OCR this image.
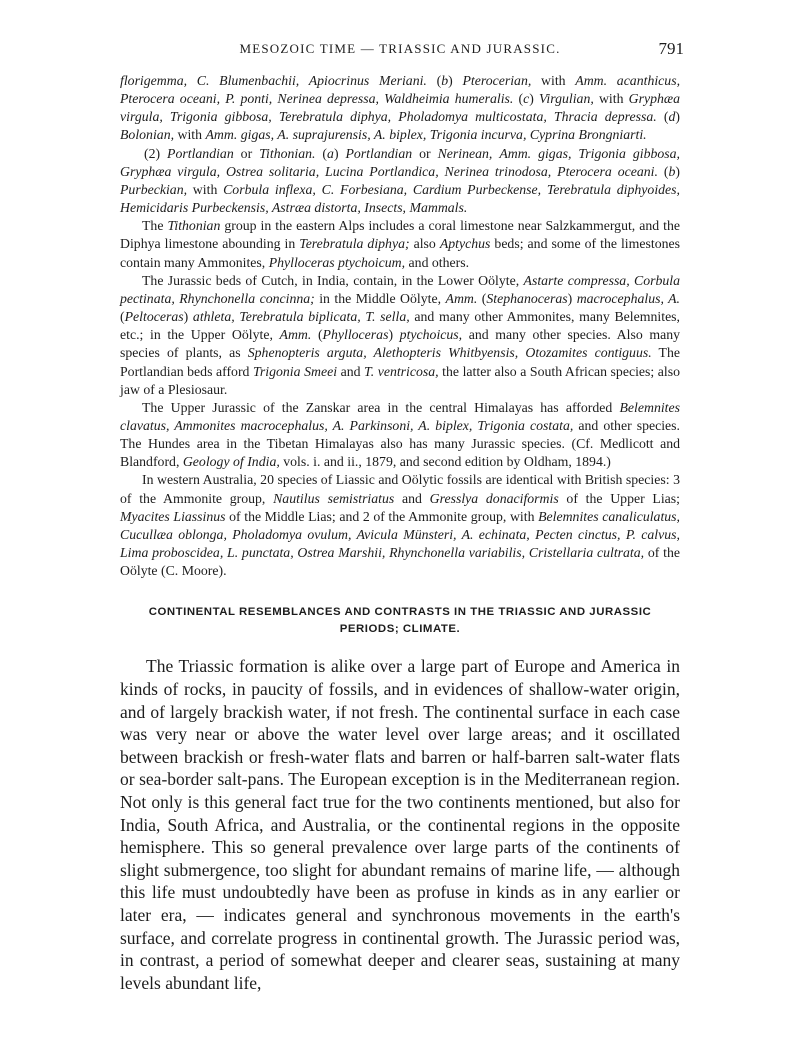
MESOZOIC TIME — TRIASSIC AND JURASSIC.	791

florigemma, C. Blumenbachii, Apiocrinus Meriani. (b) Pterocerian, with Amm. acanthicus, Pterocera oceani, P. ponti, Nerinea depressa, Waldheimia humeralis. (c) Virgulian, with Gryphæa virgula, Trigonia gibbosa, Terebratula diphya, Pholadomya multicostata, Thracia depressa. (d) Bolonian, with Amm. gigas, A. suprajurensis, A. biplex, Trigonia incurva, Cyprina Brongniarti.

(2) Portlandian or Tithonian. (a) Portlandian or Nerinean, Amm. gigas, Trigonia gibbosa, Gryphæa virgula, Ostrea solitaria, Lucina Portlandica, Nerinea trinodosa, Pterocera oceani. (b) Purbeckian, with Corbula inflexa, C. Forbesiana, Cardium Purbeckense, Terebratula diphyoides, Hemicidaris Purbeckensis, Astræa distorta, Insects, Mammals.

The Tithonian group in the eastern Alps includes a coral limestone near Salzkammergut, and the Diphya limestone abounding in Terebratula diphya; also Aptychus beds; and some of the limestones contain many Ammonites, Phylloceras ptychoicum, and others.

The Jurassic beds of Cutch, in India, contain, in the Lower Oölyte, Astarte compressa, Corbula pectinata, Rhynchonella concinna; in the Middle Oölyte, Amm. (Stephanoceras) macrocephalus, A. (Peltoceras) athleta, Terebratula biplicata, T. sella, and many other Ammonites, many Belemnites, etc.; in the Upper Oölyte, Amm. (Phylloceras) ptychoicus, and many other species. Also many species of plants, as Sphenopteris arguta, Alethopteris Whitbyensis, Otozamites contiguus. The Portlandian beds afford Trigonia Smeei and T. ventricosa, the latter also a South African species; also jaw of a Plesiosaur.

The Upper Jurassic of the Zanskar area in the central Himalayas has afforded Belemnites clavatus, Ammonites macrocephalus, A. Parkinsoni, A. biplex, Trigonia costata, and other species. The Hundes area in the Tibetan Himalayas also has many Jurassic species. (Cf. Medlicott and Blandford, Geology of India, vols. i. and ii., 1879, and second edition by Oldham, 1894.)

In western Australia, 20 species of Liassic and Oölytic fossils are identical with British species: 3 of the Ammonite group, Nautilus semistriatus and Gresslya donaciformis of the Upper Lias; Myacites Liassinus of the Middle Lias; and 2 of the Ammonite group, with Belemnites canaliculatus, Cucullæa oblonga, Pholadomya ovulum, Avicula Münsteri, A. echinata, Pecten cinctus, P. calvus, Lima proboscidea, L. punctata, Ostrea Marshii, Rhynchonella variabilis, Cristellaria cultrata, of the Oölyte (C. Moore).

CONTINENTAL RESEMBLANCES AND CONTRASTS IN THE TRIASSIC AND JURASSIC PERIODS; CLIMATE.

The Triassic formation is alike over a large part of Europe and America in kinds of rocks, in paucity of fossils, and in evidences of shallow-water origin, and of largely brackish water, if not fresh. The continental surface in each case was very near or above the water level over large areas; and it oscillated between brackish or fresh-water flats and barren or half-barren salt-water flats or sea-border salt-pans. The European exception is in the Mediterranean region. Not only is this general fact true for the two continents mentioned, but also for India, South Africa, and Australia, or the continental regions in the opposite hemisphere. This so general prevalence over large parts of the continents of slight submergence, too slight for abundant remains of marine life, — although this life must undoubtedly have been as profuse in kinds as in any earlier or later era, — indicates general and synchronous movements in the earth's surface, and correlate progress in continental growth. The Jurassic period was, in contrast, a period of somewhat deeper and clearer seas, sustaining at many levels abundant life,
